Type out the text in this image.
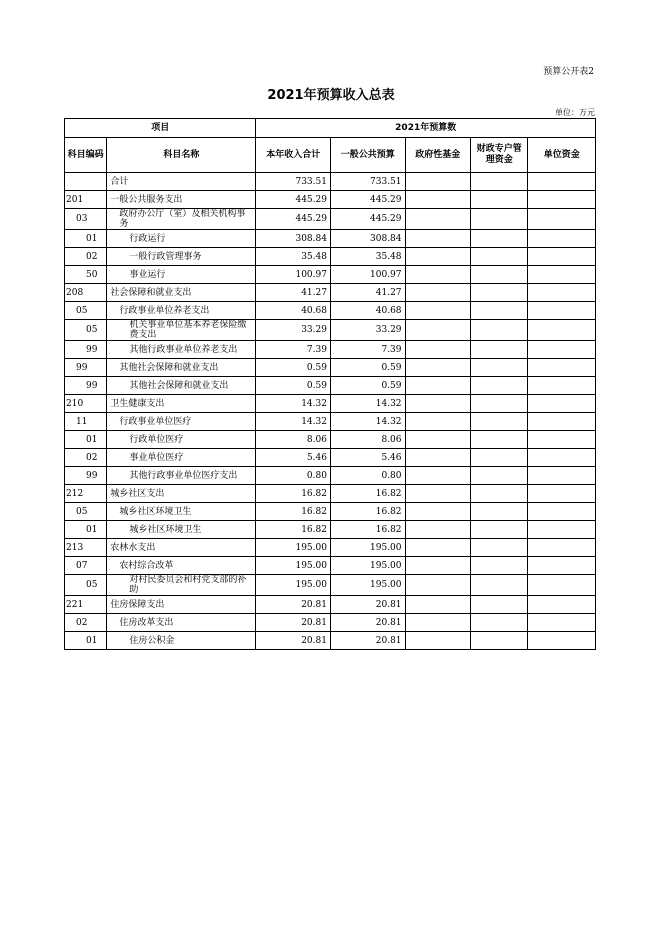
预算公开表2
2021年预算收入总表
单位：万元
项目		2021年预算数				
科目编码	科目名称	本年收入合计	一般公共预算	政府性基金	财政专户管理资金	单位资金
	合计	733.51	733.51			
201	一般公共服务支出	445.29	445.29			
03	政府办公厅（室）及相关机构事务	445.29	445.29			
01	行政运行	308.84	308.84			
02	一般行政管理事务	35.48	35.48			
50	事业运行	100.97	100.97			
208	社会保障和就业支出	41.27	41.27			
05	行政事业单位养老支出	40.68	40.68			
05	机关事业单位基本养老保险缴费支出	33.29	33.29			
99	其他行政事业单位养老支出	7.39	7.39			
99	其他社会保障和就业支出	0.59	0.59			
99	其他社会保障和就业支出	0.59	0.59			
210	卫生健康支出	14.32	14.32			
11	行政事业单位医疗	14.32	14.32			
01	行政单位医疗	8.06	8.06			
02	事业单位医疗	5.46	5.46			
99	其他行政事业单位医疗支出	0.80	0.80			
212	城乡社区支出	16.82	16.82			
05	城乡社区环境卫生	16.82	16.82			
01	城乡社区环境卫生	16.82	16.82			
213	农林水支出	195.00	195.00			
07	农村综合改革	195.00	195.00			
05	对村民委员会和村党支部的补助	195.00	195.00			
221	住房保障支出	20.81	20.81			
02	住房改革支出	20.81	20.81			
01	住房公积金	20.81	20.81			
